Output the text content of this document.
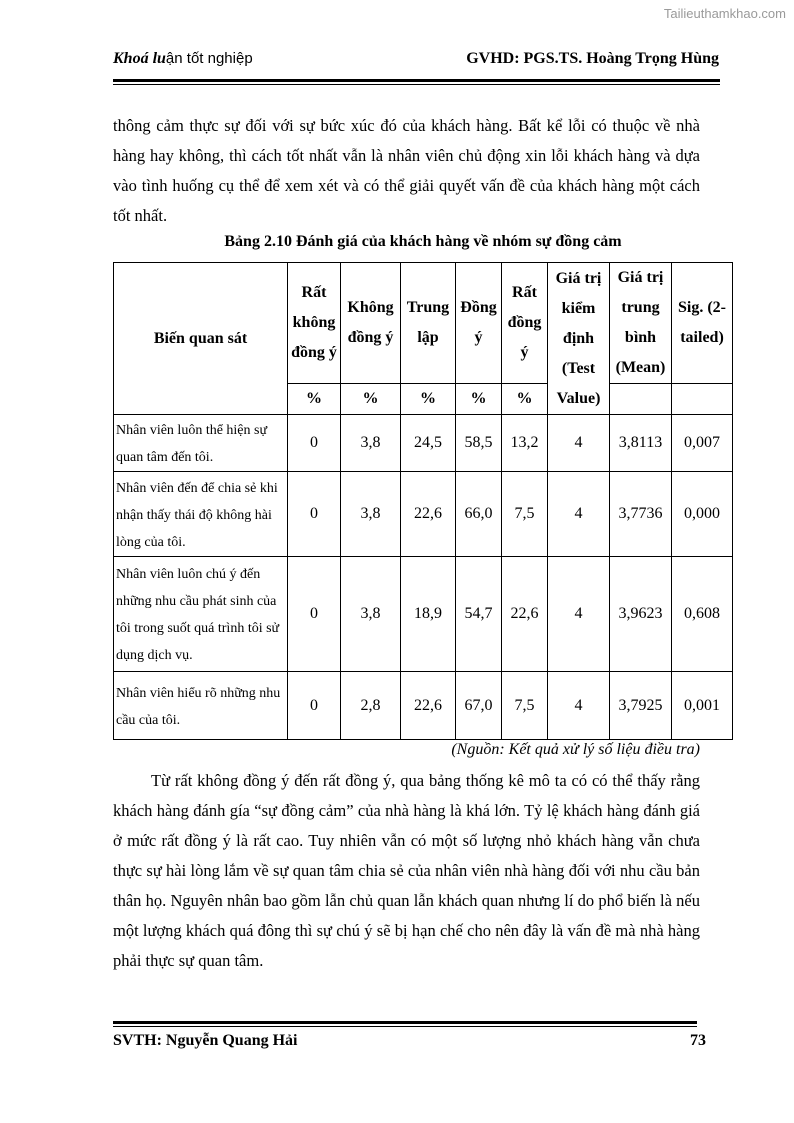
Tailieuthamkhao.com
Khoá luận tốt nghiệp	GVHD: PGS.TS. Hoàng Trọng Hùng
thông cảm thực sự đối với sự bức xúc đó của khách hàng. Bất kể lỗi có thuộc về nhà hàng hay không, thì cách tốt nhất vẫn là nhân viên chủ động xin lỗi khách hàng và dựa vào tình huống cụ thể để xem xét và có thể giải quyết vấn đề của khách hàng một cách tốt nhất.
Bảng 2.10 Đánh giá của khách hàng về nhóm sự đồng cảm
Biến quan sát	Rất không đồng ý	Không đồng ý	Trung lập	Đồng ý	Rất đồng ý	Giá trị kiểm định (Test Value)	Giá trị trung bình (Mean)	Sig. (2-tailed)
	%	%	%	%	%			
Nhân viên luôn thể hiện sự quan tâm đến tôi.	0	3,8	24,5	58,5	13,2	4	3,8113	0,007
Nhân viên đến để chia sẻ khi nhận thấy thái độ không hài lòng của tôi.	0	3,8	22,6	66,0	7,5	4	3,7736	0,000
Nhân viên luôn chú ý đến những nhu cầu phát sinh của tôi trong suốt quá trình tôi sử dụng dịch vụ.	0	3,8	18,9	54,7	22,6	4	3,9623	0,608
Nhân viên hiểu rõ những nhu cầu của tôi.	0	2,8	22,6	67,0	7,5	4	3,7925	0,001
(Nguồn: Kết quả xử lý số liệu điều tra)
Từ rất không đồng ý đến rất đồng ý, qua bảng thống kê mô ta có có thể thấy rằng khách hàng đánh gía “sự đồng cảm” của nhà hàng là khá lớn. Tỷ lệ khách hàng đánh giá ở mức rất đồng ý là rất cao. Tuy nhiên vẫn có một số lượng nhỏ khách hàng vẫn chưa thực sự hài lòng lắm về sự quan tâm chia sẻ của nhân viên nhà hàng đối với nhu cầu bản thân họ. Nguyên nhân bao gồm lẫn chủ quan lẫn khách quan nhưng lí do phổ biến là nếu một lượng khách quá đông thì sự chú ý sẽ bị hạn chế cho nên đây là vấn đề mà nhà hàng phải thực sự quan tâm.
SVTH: Nguyễn Quang Hải	73
